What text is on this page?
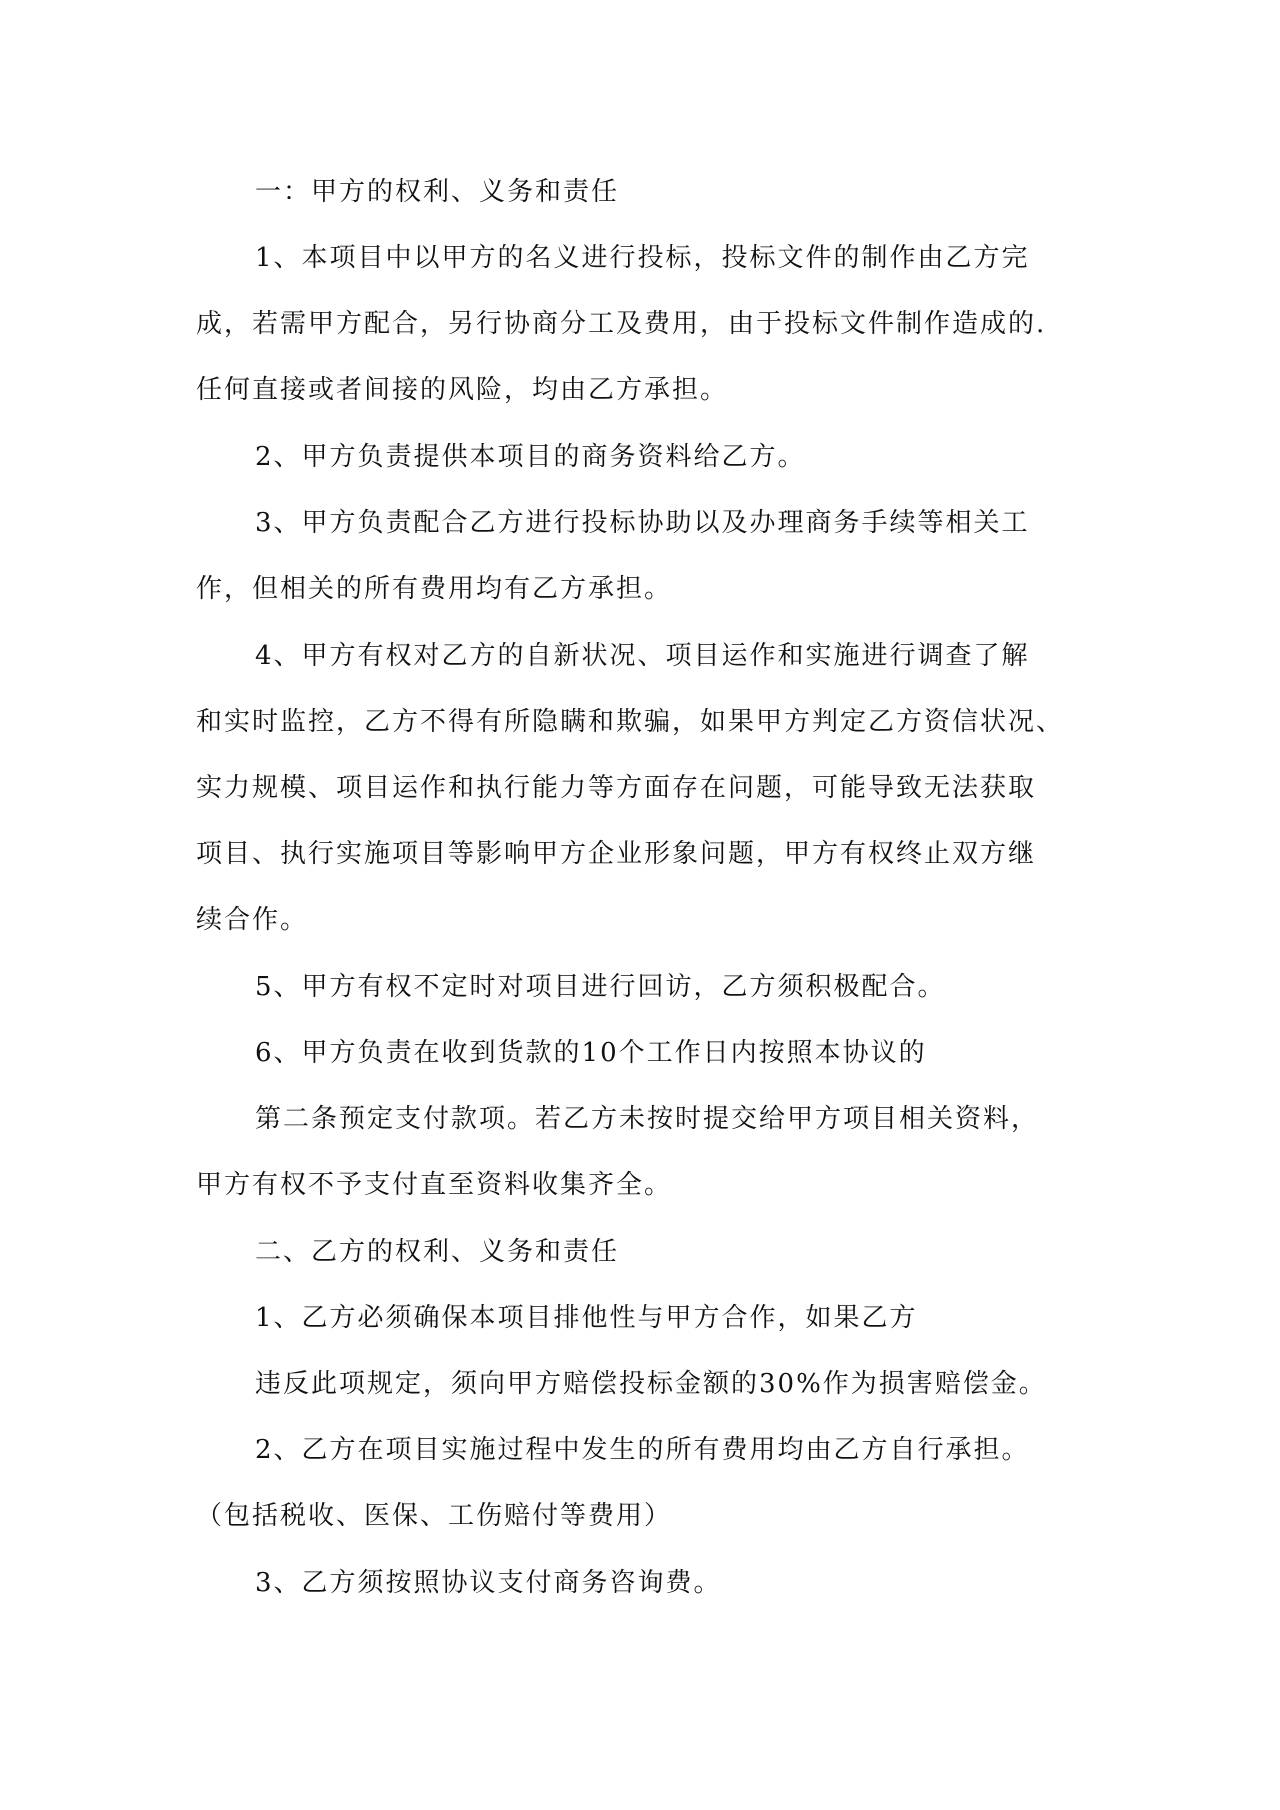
一：甲方的权利、义务和责任
1、本项目中以甲方的名义进行投标，投标文件的制作由乙方完
成，若需甲方配合，另行协商分工及费用，由于投标文件制作造成的.
任何直接或者间接的风险，均由乙方承担。
2、甲方负责提供本项目的商务资料给乙方。
3、甲方负责配合乙方进行投标协助以及办理商务手续等相关工
作，但相关的所有费用均有乙方承担。
4、甲方有权对乙方的自新状况、项目运作和实施进行调查了解
和实时监控，乙方不得有所隐瞒和欺骗，如果甲方判定乙方资信状况、
实力规模、项目运作和执行能力等方面存在问题，可能导致无法获取
项目、执行实施项目等影响甲方企业形象问题，甲方有权终止双方继
续合作。
5、甲方有权不定时对项目进行回访，乙方须积极配合。
6、甲方负责在收到货款的10个工作日内按照本协议的
第二条预定支付款项。若乙方未按时提交给甲方项目相关资料，
甲方有权不予支付直至资料收集齐全。
二、乙方的权利、义务和责任
1、乙方必须确保本项目排他性与甲方合作，如果乙方
违反此项规定，须向甲方赔偿投标金额的30%作为损害赔偿金。
2、乙方在项目实施过程中发生的所有费用均由乙方自行承担。
（包括税收、医保、工伤赔付等费用）
3、乙方须按照协议支付商务咨询费。
